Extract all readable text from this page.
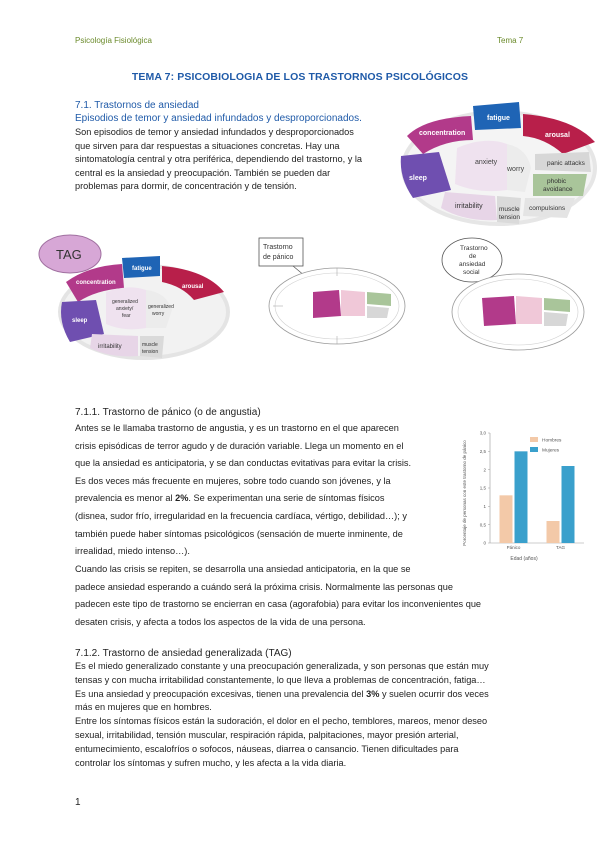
Psicología Fisiológica	Tema 7
TEMA 7: PSICOBIOLOGIA DE LOS TRASTORNOS PSICOLÓGICOS
7.1. Trastornos de ansiedad
Episodios de temor y ansiedad infundados y desproporcionados.
Son episodios de temor y ansiedad infundados y desproporcionados
que sirven para dar respuestas a situaciones concretas. Hay una
sintomatología central y otra periférica, dependiendo del trastorno, y la
central es la ansiedad y preocupación. También se pueden dar
problemas para dormir, de concentración y de tensión.
concentration
fatigue
arousal
sleep
anxiety
worry
panic attacks
phobic
avoidance
compulsions
irritability	muscle
tension
TAG
concentration
fatigue
arousal
sleep
generalized
anxiety/
fear
generalized
worry
irritability	muscle
tension
Trastorno
de pánico
Trastorno
de
ansiedad
social
Porcentaje de personas con este trastorno de pánico
Edad (años)
0
0,5
1
1,5
2
2,5
3,0
Pánico	TAG
Hombres
Mujeres
7.1.1. Trastorno de pánico (o de angustia)
Antes se le llamaba trastorno de angustia, y es un trastorno en el que aparecen
crisis episódicas de terror agudo y de duración variable. Llega un momento en el
que la ansiedad es anticipatoria, y se dan conductas evitativas para evitar la crisis.
Es dos veces más frecuente en mujeres, sobre todo cuando son jóvenes, y la
prevalencia es menor al 2%. Se experimentan una serie de síntomas físicos
(disnea, sudor frío, irregularidad en la frecuencia cardíaca, vértigo, debilidad…); y
también puede haber síntomas psicológicos (sensación de muerte inminente, de
irrealidad, miedo intenso…).
Cuando las crisis se repiten, se desarrolla una ansiedad anticipatoria, en la que se
padece ansiedad esperando a cuándo será la próxima crisis. Normalmente las personas que
padecen este tipo de trastorno se encierran en casa (agorafobia) para evitar los inconvenientes que
desaten crisis, y afecta a todos los aspectos de la vida de una persona.
7.1.2. Trastorno de ansiedad generalizada (TAG)
Es el miedo generalizado constante y una preocupación generalizada, y son personas que están muy
tensas y con mucha irritabilidad constantemente, lo que lleva a problemas de concentración, fatiga…
Es una ansiedad y preocupación excesivas, tienen una prevalencia del 3% y suelen ocurrir dos veces
más en mujeres que en hombres.
Entre los síntomas físicos están la sudoración, el dolor en el pecho, temblores, mareos, menor deseo
sexual, irritabilidad, tensión muscular, respiración rápida, palpitaciones, mayor presión arterial,
entumecimiento, escalofríos o sofocos, náuseas, diarrea o cansancio. Tienen dificultades para
controlar los síntomas y sufren mucho, y les afecta a la vida diaria.
1
